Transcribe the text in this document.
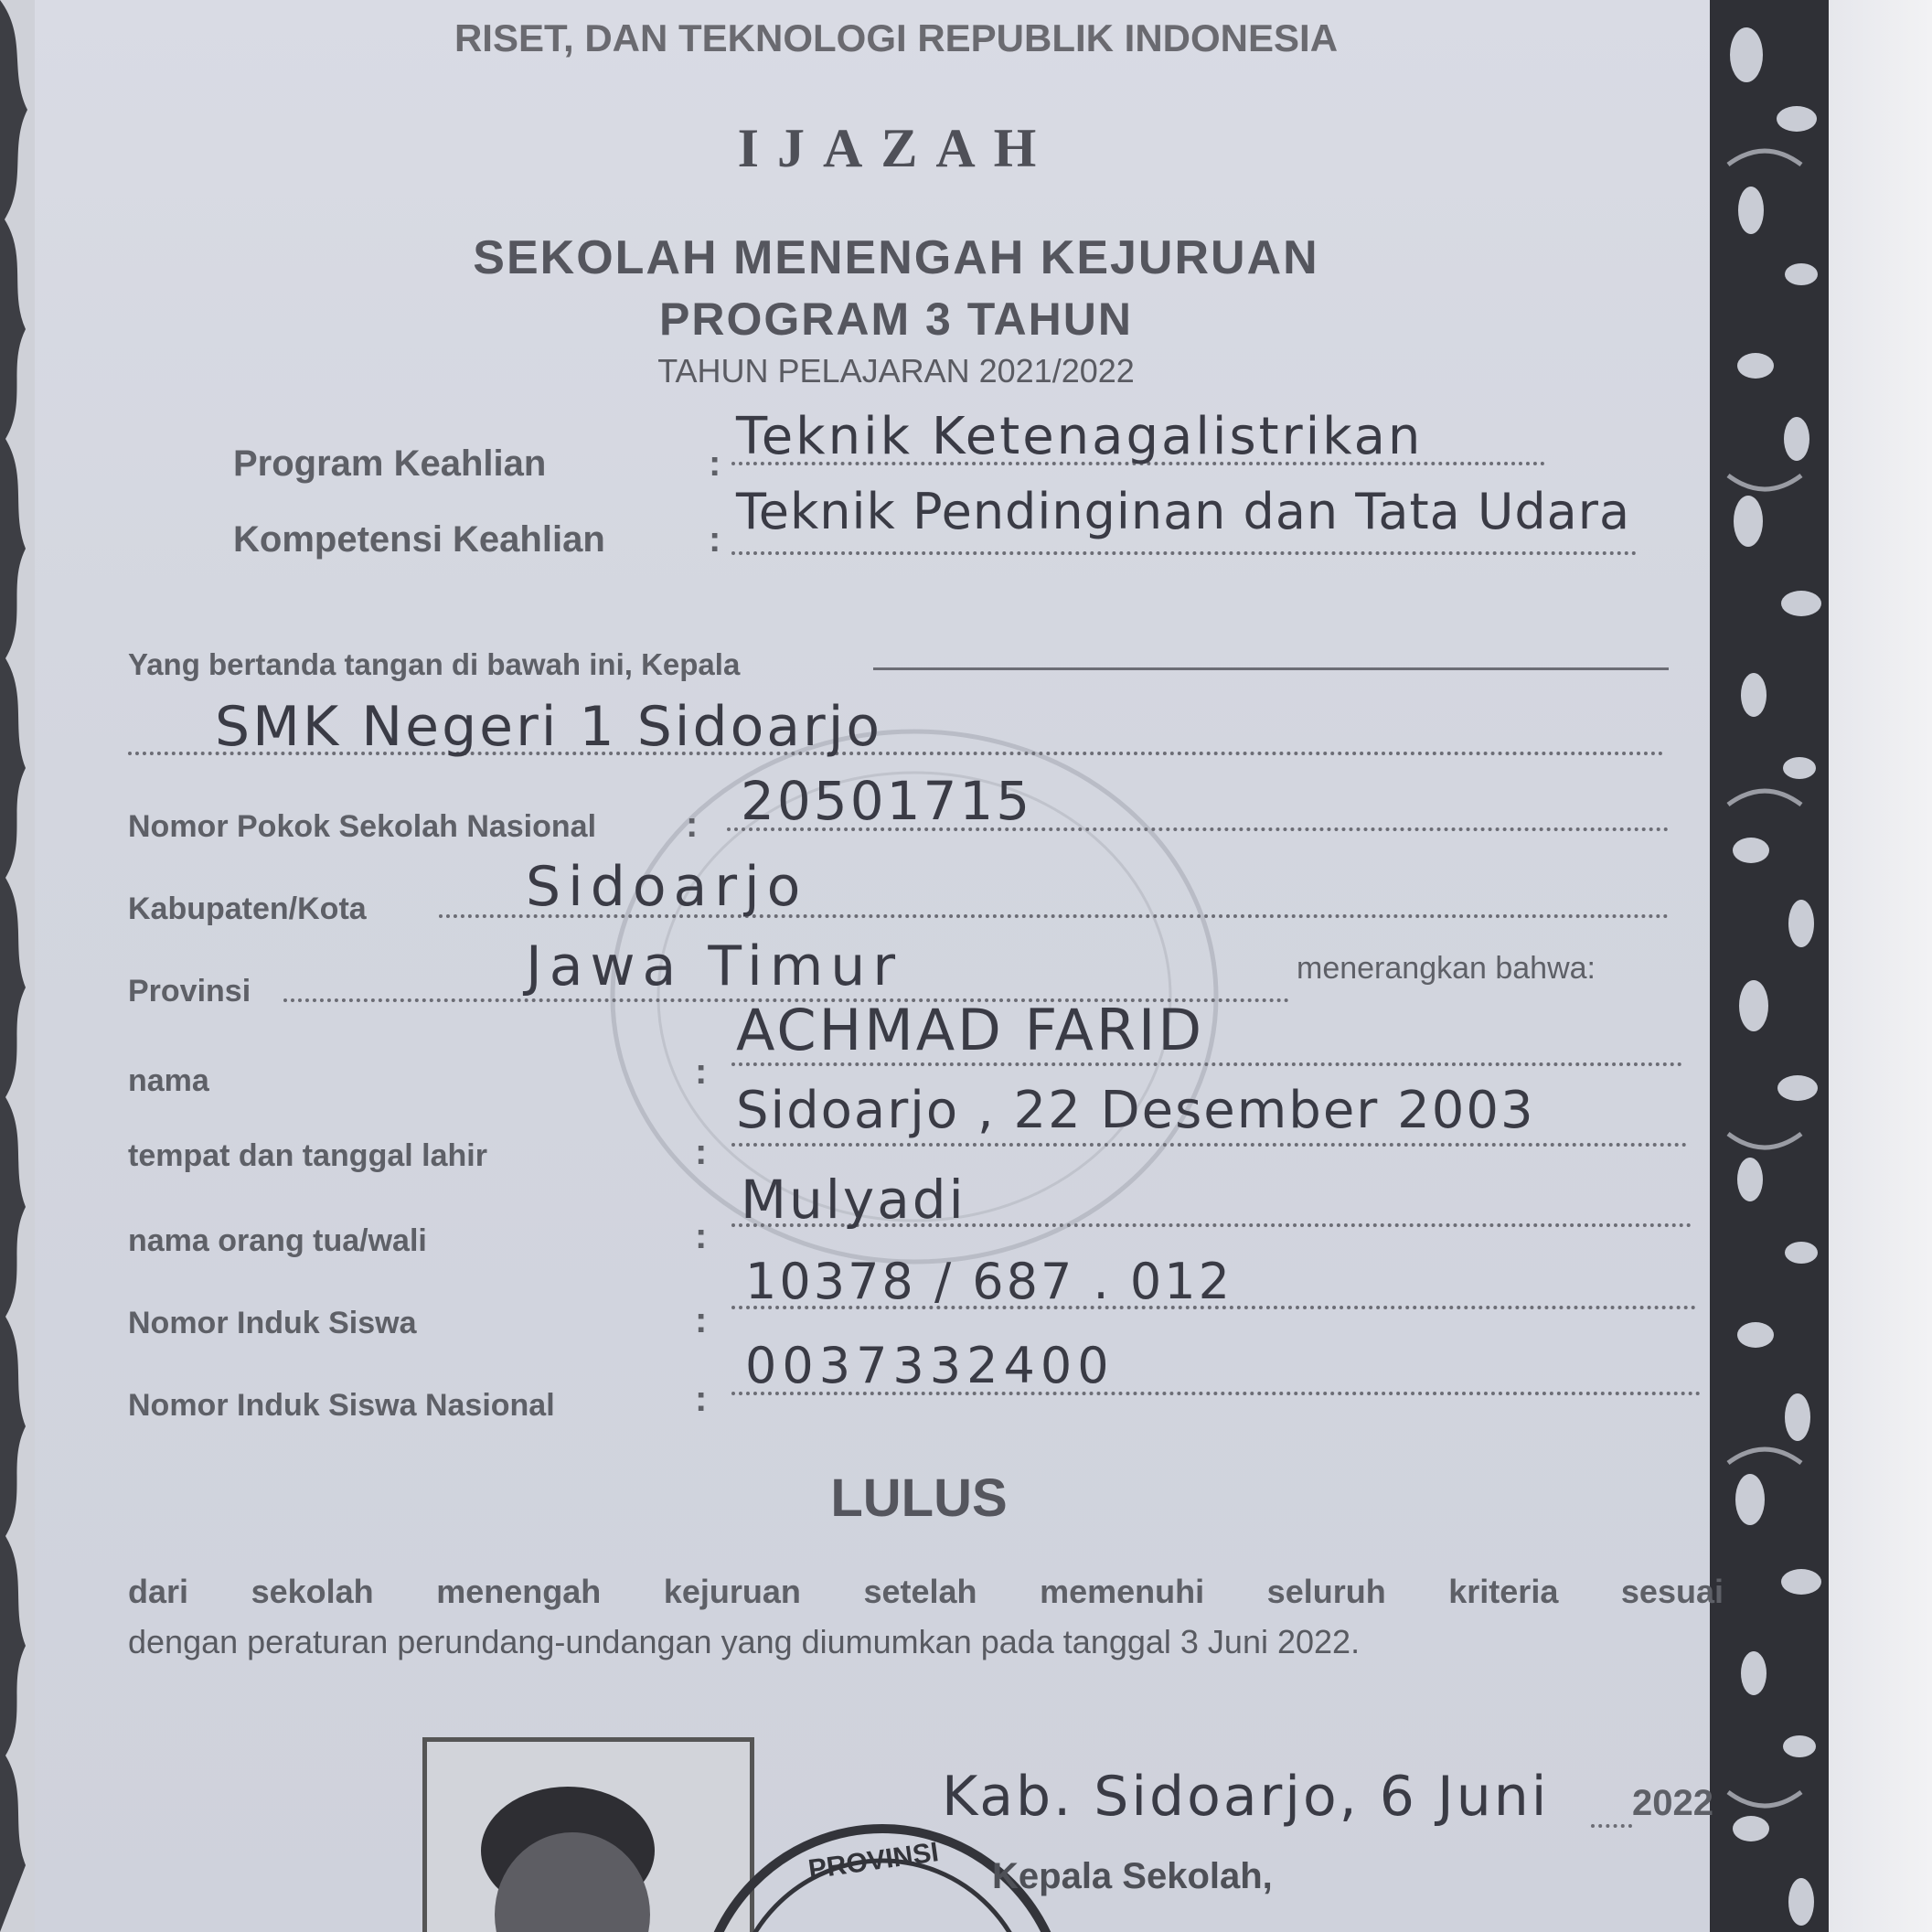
RISET, DAN TEKNOLOGI REPUBLIK INDONESIA
IJAZAH
SEKOLAH MENENGAH KEJURUAN
PROGRAM 3 TAHUN
TAHUN PELAJARAN 2021/2022
Program Keahlian	: Teknik Ketenagalistrikan
Kompetensi Keahlian	: Teknik Pendinginan dan Tata Udara
Yang bertanda tangan di bawah ini, Kepala
SMK Negeri 1 Sidoarjo
Nomor Pokok Sekolah Nasional : 20501715
Kabupaten/Kota	Sidoarjo
Provinsi	Jawa Timur	menerangkan bahwa:
nama	:
ACHMAD FARID
tempat dan tanggal lahir	:
Sidoarjo , 22 Desember 2003
nama orang tua/wali	:
Mulyadi
Nomor Induk Siswa	:
10378 / 687 . 012
Nomor Induk Siswa Nasional	:
0037332400
LULUS
dari sekolah menengah kejuruan setelah memenuhi seluruh kriteria sesuai
dengan peraturan perundang-undangan yang diumumkan pada tanggal 3 Juni 2022.
Kab. Sidoarjo, 6 Juni 2022
PROVINSI Kepala Sekolah,
